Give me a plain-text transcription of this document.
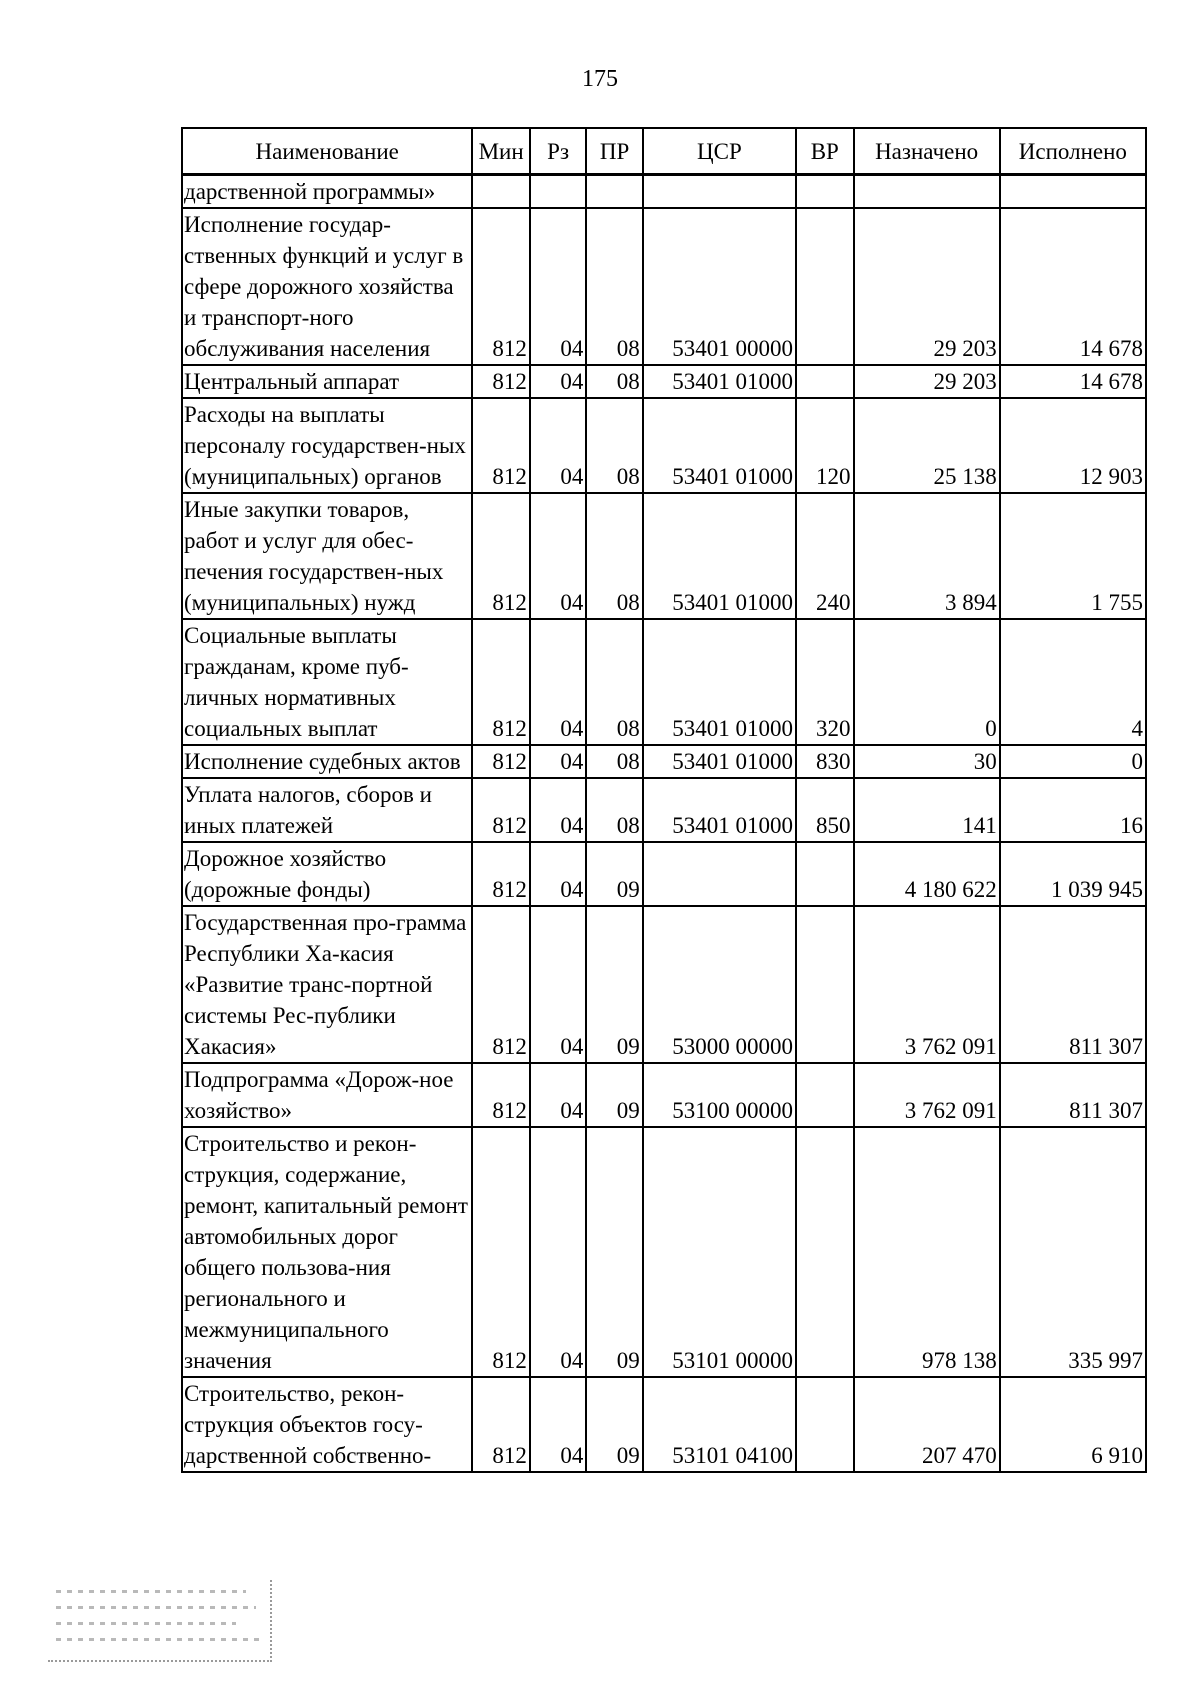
175
Наименование	Мин	Рз	ПР	ЦСР	ВР	Назначено	Исполнено
дарственной программы»							
Исполнение государ-ственных функций и услуг в сфере дорожного хозяйства и транспорт-ного обслуживания населения	812	04	08	53401 00000		29 203	14 678
Центральный аппарат	812	04	08	53401 01000		29 203	14 678
Расходы на выплаты персоналу государствен-ных (муниципальных) органов	812	04	08	53401 01000	120	25 138	12 903
Иные закупки товаров, работ и услуг для обес-печения государствен-ных (муниципальных) нужд	812	04	08	53401 01000	240	3 894	1 755
Социальные выплаты гражданам, кроме пуб-личных нормативных социальных выплат	812	04	08	53401 01000	320	0	4
Исполнение судебных актов	812	04	08	53401 01000	830	30	0
Уплата налогов, сборов и иных платежей	812	04	08	53401 01000	850	141	16
Дорожное хозяйство (дорожные фонды)	812	04	09			4 180 622	1 039 945
Государственная про-грамма Республики Ха-касия «Развитие транс-портной системы Рес-публики Хакасия»	812	04	09	53000 00000		3 762 091	811 307
Подпрограмма «Дорож-ное хозяйство»	812	04	09	53100 00000		3 762 091	811 307
Строительство и рекон-струкция, содержание, ремонт, капитальный ремонт автомобильных дорог общего пользова-ния регионального и межмуниципального значения	812	04	09	53101 00000		978 138	335 997
Строительство, рекон-струкция объектов госу-дарственной собственно-	812	04	09	53101 04100		207 470	6 910
